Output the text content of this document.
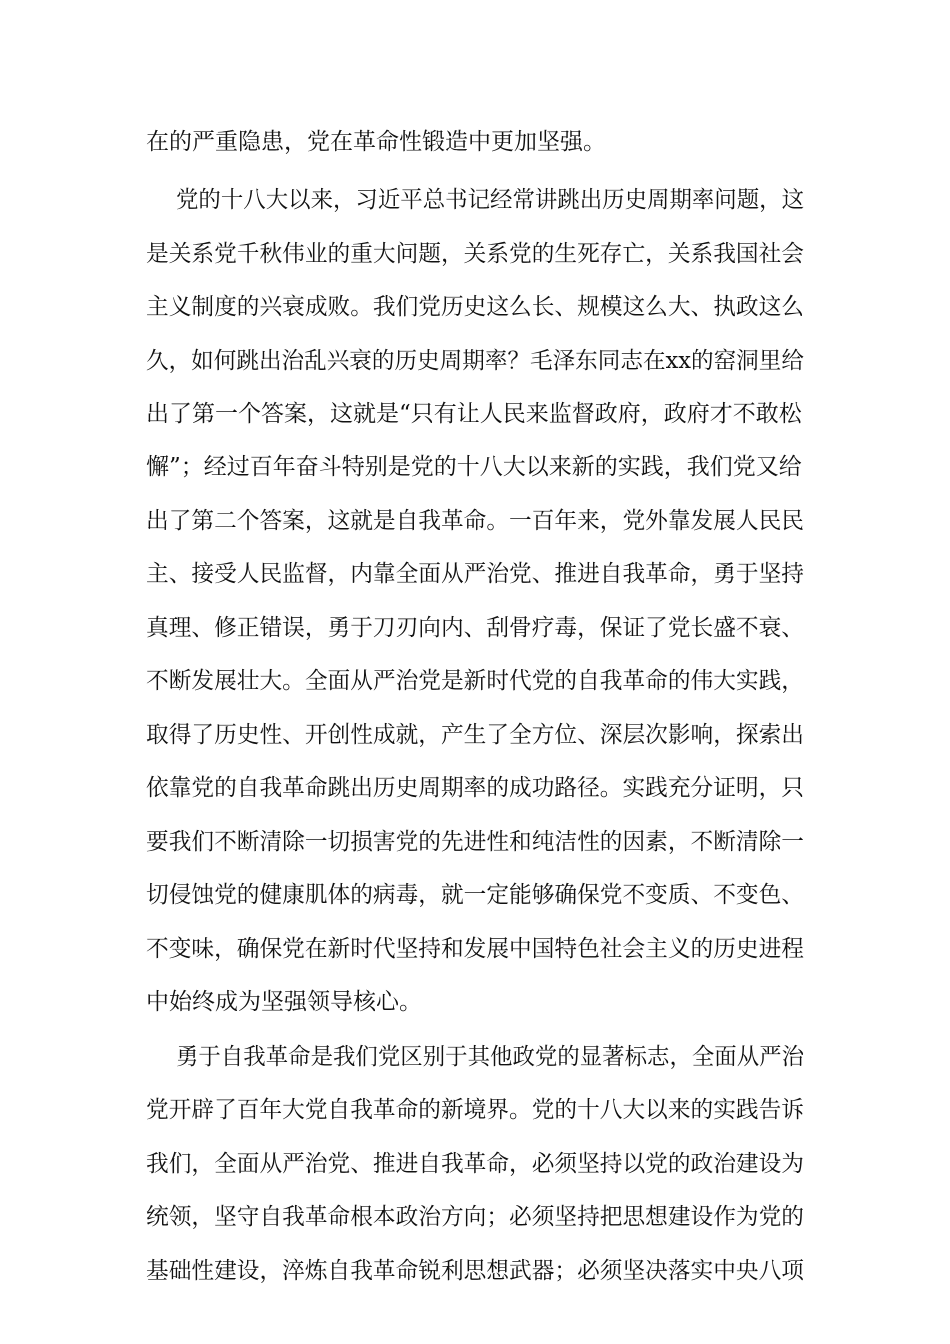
在的严重隐患，党在革命性锻造中更加坚强。
党的十八大以来，习近平总书记经常讲跳出历史周期率问题，这
是关系党千秋伟业的重大问题，关系党的生死存亡，关系我国社会
主义制度的兴衰成败。我们党历史这么长、规模这么大、执政这么
久，如何跳出治乱兴衰的历史周期率？毛泽东同志在xx的窑洞里给
出了第一个答案，这就是“只有让人民来监督政府，政府才不敢松
懈”；经过百年奋斗特别是党的十八大以来新的实践，我们党又给
出了第二个答案，这就是自我革命。一百年来，党外靠发展人民民
主、接受人民监督，内靠全面从严治党、推进自我革命，勇于坚持
真理、修正错误，勇于刀刃向内、刮骨疗毒，保证了党长盛不衰、
不断发展壮大。全面从严治党是新时代党的自我革命的伟大实践，
取得了历史性、开创性成就，产生了全方位、深层次影响，探索出
依靠党的自我革命跳出历史周期率的成功路径。实践充分证明，只
要我们不断清除一切损害党的先进性和纯洁性的因素，不断清除一
切侵蚀党的健康肌体的病毒，就一定能够确保党不变质、不变色、
不变味，确保党在新时代坚持和发展中国特色社会主义的历史进程
中始终成为坚强领导核心。
勇于自我革命是我们党区别于其他政党的显著标志，全面从严治
党开辟了百年大党自我革命的新境界。党的十八大以来的实践告诉
我们，全面从严治党、推进自我革命，必须坚持以党的政治建设为
统领，坚守自我革命根本政治方向；必须坚持把思想建设作为党的
基础性建设，淬炼自我革命锐利思想武器；必须坚决落实中央八项
